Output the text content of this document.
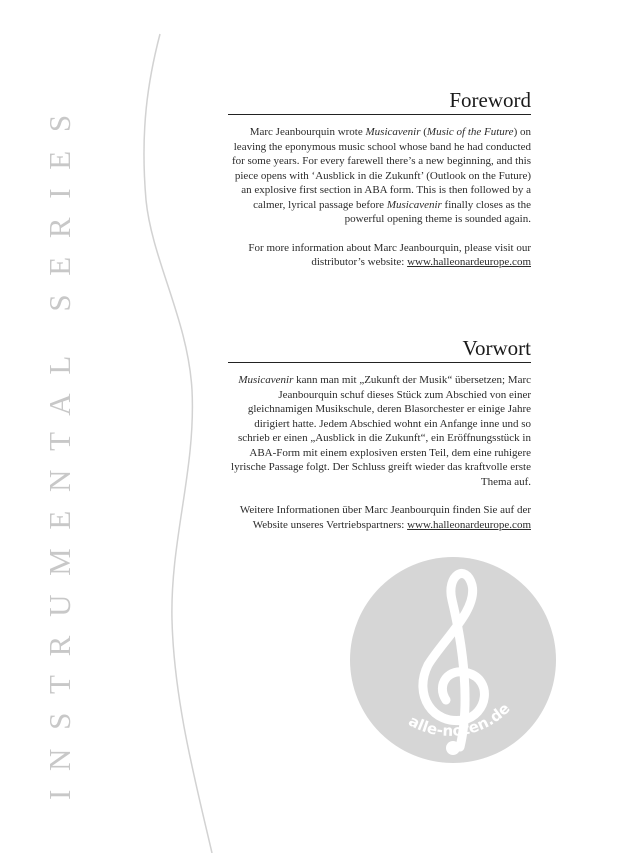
INSTRUMENTAL SERIES	Foreword

Marc Jeanbourquin wrote Musicavenir (Music of the Future) on leaving the eponymous music school whose band he had conducted for some years. For every farewell there’s a new beginning, and this piece opens with ‘Ausblick in die Zukunft’ (Outlook on the Future) an explosive first section in ABA form. This is then followed by a calmer, lyrical passage before Musicavenir finally closes as the powerful opening theme is sounded again.

For more information about Marc Jeanbourquin, please visit our distributor’s website: www.halleonardeurope.com

Vorwort

Musicavenir kann man mit „Zukunft der Musik“ übersetzen; Marc Jeanbourquin schuf dieses Stück zum Abschied von einer gleichnamigen Musikschule, deren Blasorchester er einige Jahre dirigiert hatte. Jedem Abschied wohnt ein Anfange inne und so schrieb er einen „Ausblick in die Zukunft“, ein Eröffnungsstück in ABA-Form mit einem explosiven ersten Teil, dem eine ruhigere lyrische Passage folgt. Der Schluss greift wieder das kraftvolle erste Thema auf.

Weitere Informationen über Marc Jeanbourquin finden Sie auf der Website unseres Vertriebspartners: www.halleonardeurope.com

alle-noten.de
